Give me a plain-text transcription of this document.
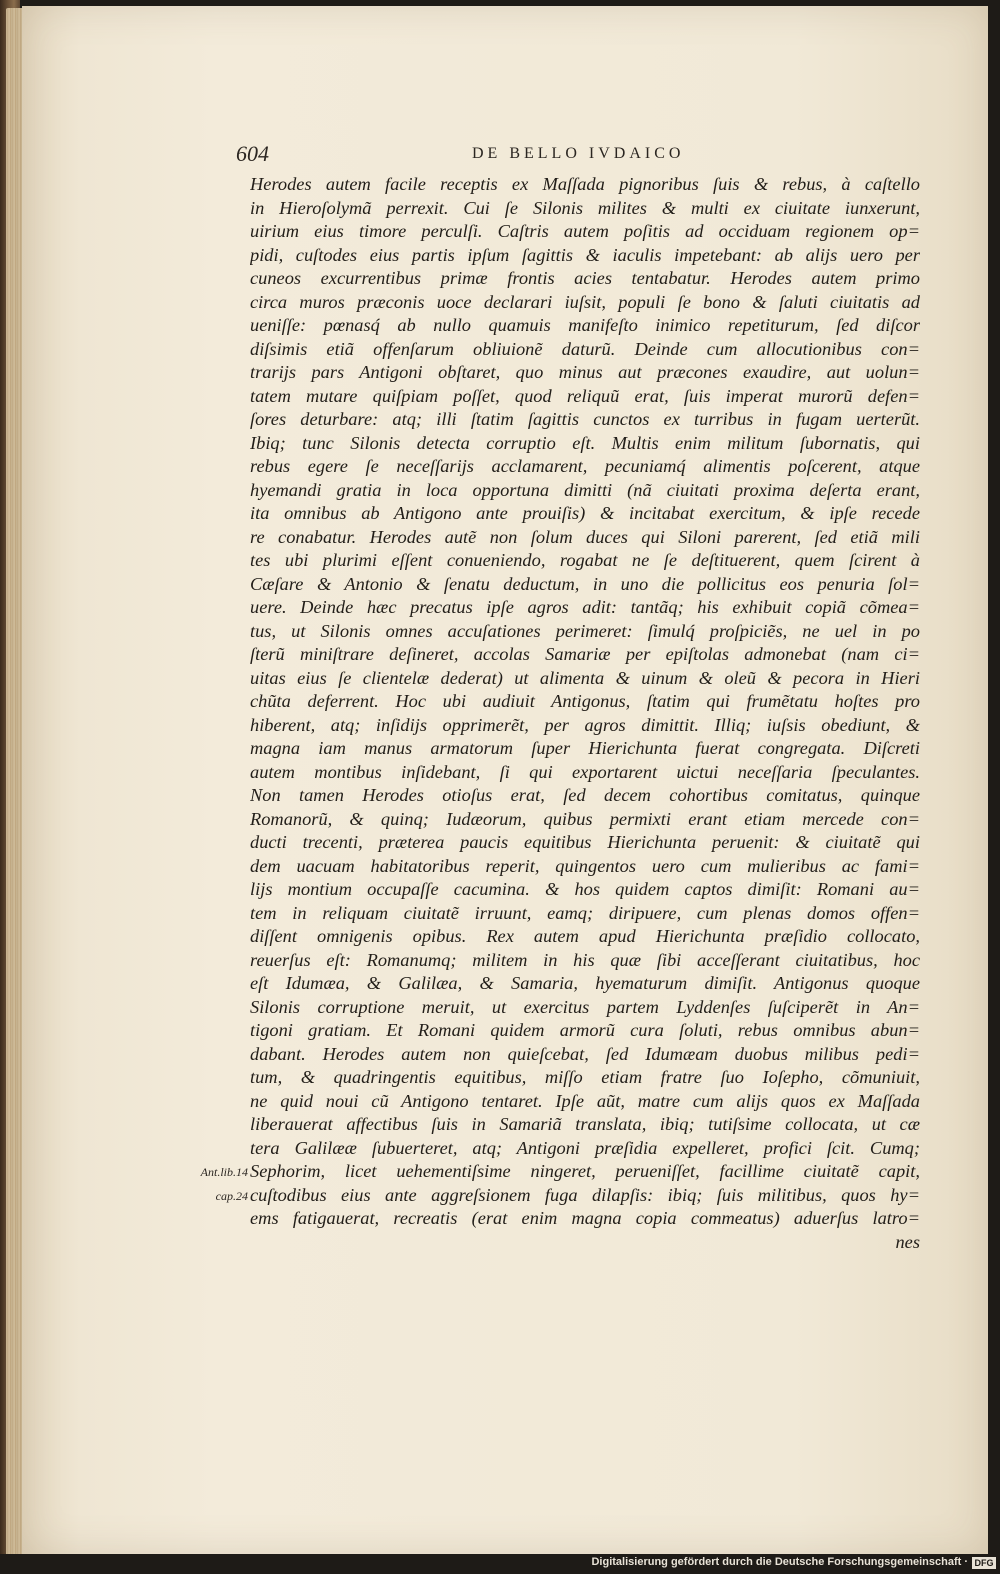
604	DE BELLO IVDAICO
Ant.lib.14
cap.24
Herodes autem facile receptis ex Maſſada pignoribus ſuis & rebus, à caſtello
in Hieroſolymã perrexit. Cui ſe Silonis milites & multi ex ciuitate iunxerunt,
uirium eius timore perculſi. Caſtris autem poſitis ad occiduam regionem op=
pidi, cuſtodes eius partis ipſum ſagittis & iaculis impetebant: ab alijs uero per
cuneos excurrentibus primæ frontis acies tentabatur. Herodes autem primo
circa muros præconis uoce declarari iuſsit, populi ſe bono & ſaluti ciuitatis ad
ueniſſe: pœnasq́ ab nullo quamuis manifeſto inimico repetiturum, ſed diſcor
diſsimis etiã offenſarum obliuionẽ daturũ. Deinde cum allocutionibus con=
trarijs pars Antigoni obſtaret, quo minus aut præcones exaudire, aut uolun=
tatem mutare quiſpiam poſſet, quod reliquũ erat, ſuis imperat murorũ defen=
ſores deturbare: atq; illi ſtatim ſagittis cunctos ex turribus in fugam uerterũt.
Ibiq; tunc Silonis detecta corruptio eſt. Multis enim militum ſubornatis, qui
rebus egere ſe neceſſarijs acclamarent, pecuniamq́ alimentis poſcerent, atque
hyemandi gratia in loca opportuna dimitti (nã ciuitati proxima deſerta erant,
ita omnibus ab Antigono ante prouiſis) & incitabat exercitum, & ipſe recede
re conabatur. Herodes autẽ non ſolum duces qui Siloni parerent, ſed etiã mili
tes ubi plurimi eſſent conueniendo, rogabat ne ſe deſtituerent, quem ſcirent à
Cæſare & Antonio & ſenatu deductum, in uno die pollicitus eos penuria ſol=
uere. Deinde hæc precatus ipſe agros adit: tantãq; his exhibuit copiã cõmea=
tus, ut Silonis omnes accuſationes perimeret: ſimulq́ proſpiciẽs, ne uel in po
ſterũ miniſtrare deſineret, accolas Samariæ per epiſtolas admonebat (nam ci=
uitas eius ſe clientelæ dederat) ut alimenta & uinum & oleũ & pecora in Hieri
chũta deferrent. Hoc ubi audiuit Antigonus, ſtatim qui frumẽtatu hoſtes pro
hiberent, atq; inſidijs opprimerẽt, per agros dimittit. Illiq; iuſsis obediunt, &
magna iam manus armatorum ſuper Hierichunta fuerat congregata. Diſcreti
autem montibus inſidebant, ſi qui exportarent uictui neceſſaria ſpeculantes.
Non tamen Herodes otioſus erat, ſed decem cohortibus comitatus, quinque
Romanorũ, & quinq; Iudæorum, quibus permixti erant etiam mercede con=
ducti trecenti, præterea paucis equitibus Hierichunta peruenit: & ciuitatẽ qui
dem uacuam habitatoribus reperit, quingentos uero cum mulieribus ac fami=
lijs montium occupaſſe cacumina. & hos quidem captos dimiſit: Romani au=
tem in reliquam ciuitatẽ irruunt, eamq; diripuere, cum plenas domos offen=
diſſent omnigenis opibus. Rex autem apud Hierichunta præſidio collocato,
reuerſus eſt: Romanumq; militem in his quæ ſibi acceſſerant ciuitatibus, hoc
eſt Idumæa, & Galilæa, & Samaria, hyematurum dimiſit. Antigonus quoque
Silonis corruptione meruit, ut exercitus partem Lyddenſes ſuſciperẽt in An=
tigoni gratiam. Et Romani quidem armorũ cura ſoluti, rebus omnibus abun=
dabant. Herodes autem non quieſcebat, ſed Idumæam duobus milibus pedi=
tum, & quadringentis equitibus, miſſo etiam fratre ſuo Ioſepho, cõmuniuit,
ne quid noui cũ Antigono tentaret. Ipſe aũt, matre cum alijs quos ex Maſſada
liberauerat affectibus ſuis in Samariã translata, ibiq; tutiſsime collocata, ut cæ
tera Galilææ ſubuerteret, atq; Antigoni præſidia expelleret, profici ſcit. Cumq;
Sephorim, licet uehementiſsime ningeret, perueniſſet, facillime ciuitatẽ capit,
cuſtodibus eius ante aggreſsionem fuga dilapſis: ibiq; ſuis militibus, quos hy=
ems fatigauerat, recreatis (erat enim magna copia commeatus) aduerſus latro=
nes
Digitalisierung gefördert durch die Deutsche Forschungsgemeinschaft · DFG
